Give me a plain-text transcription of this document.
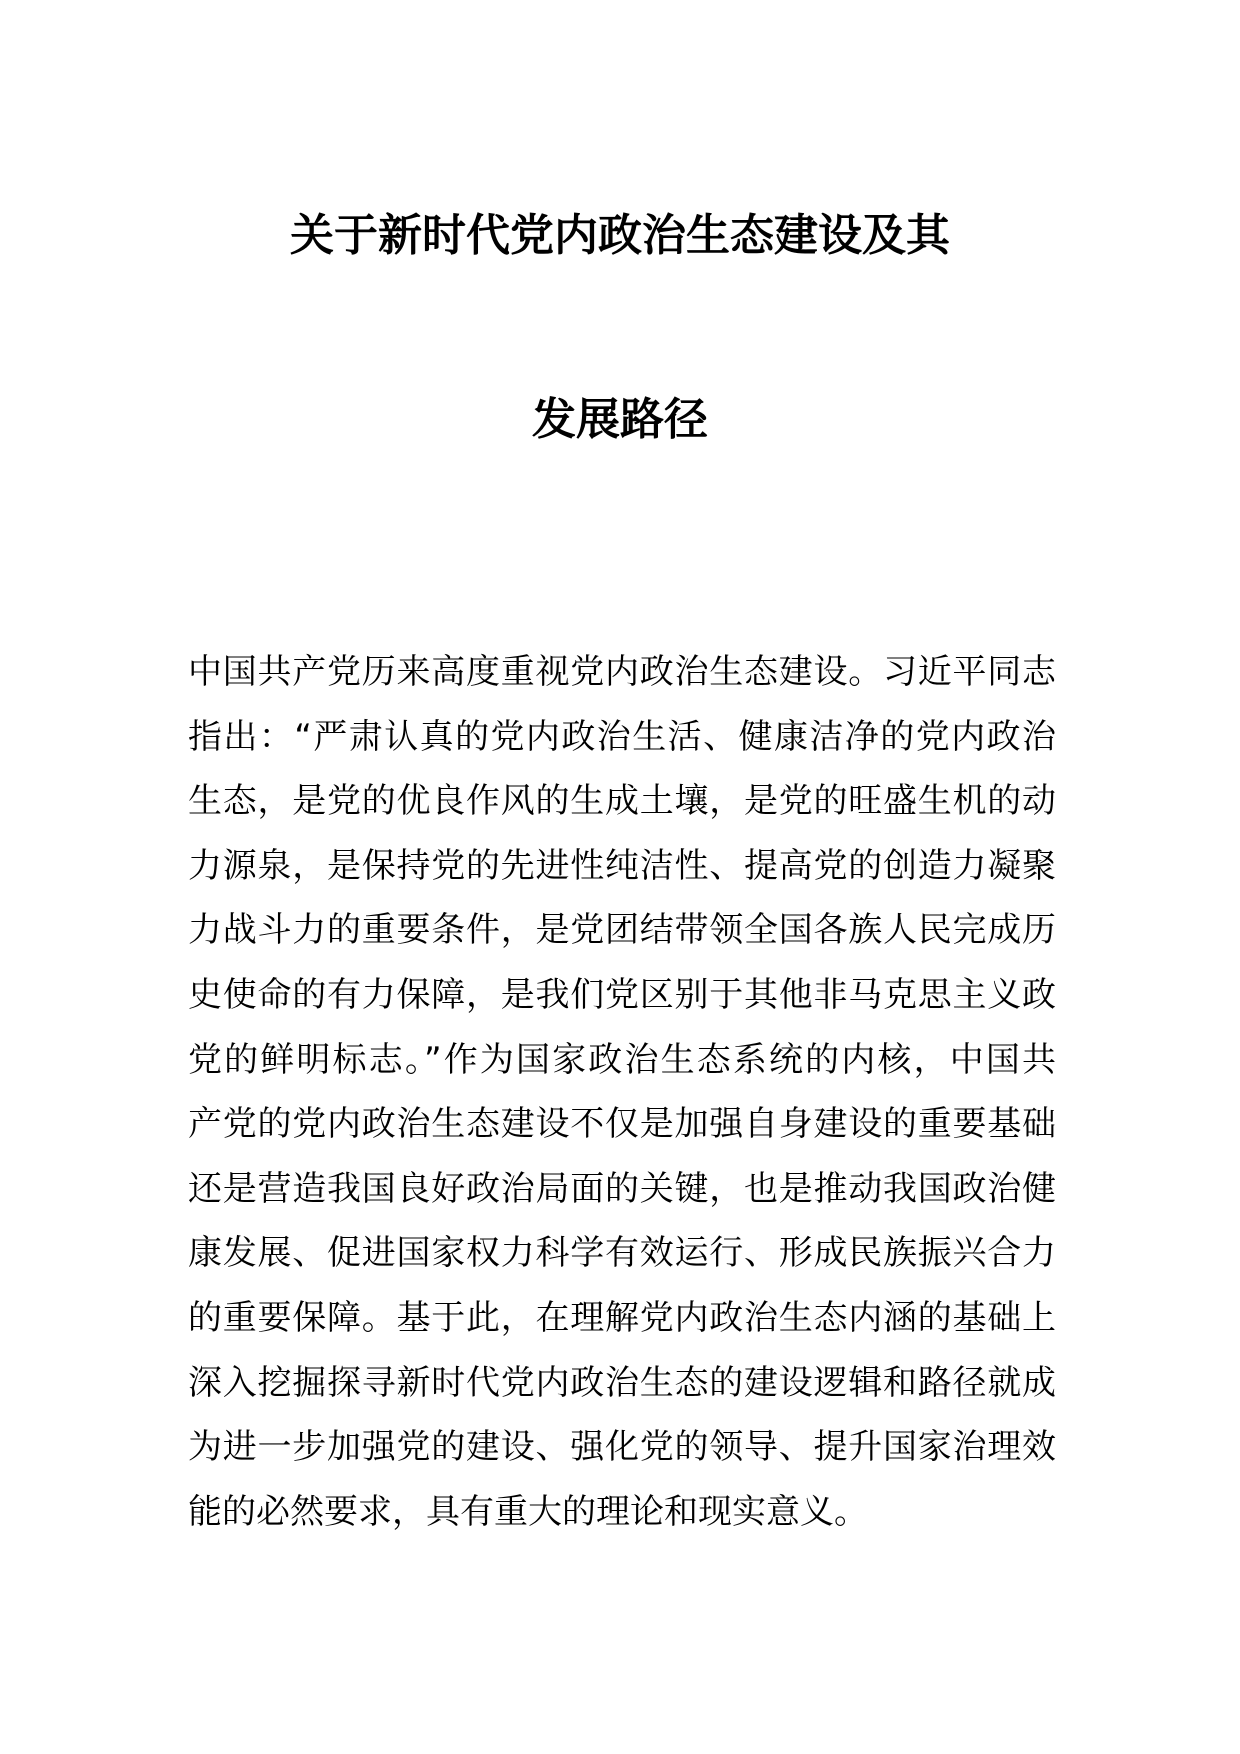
关于新时代党内政治生态建设及其
发展路径
中国共产党历来高度重视党内政治生态建设。习近平同志
指出：“严肃认真的党内政治生活、健康洁净的党内政治
生态，是党的优良作风的生成土壤，是党的旺盛生机的动
力源泉，是保持党的先进性纯洁性、提高党的创造力凝聚
力战斗力的重要条件，是党团结带领全国各族人民完成历
史使命的有力保障，是我们党区别于其他非马克思主义政
党的鲜明标志。”作为国家政治生态系统的内核，中国共
产党的党内政治生态建设不仅是加强自身建设的重要基础
还是营造我国良好政治局面的关键，也是推动我国政治健
康发展、促进国家权力科学有效运行、形成民族振兴合力
的重要保障。基于此，在理解党内政治生态内涵的基础上
深入挖掘探寻新时代党内政治生态的建设逻辑和路径就成
为进一步加强党的建设、强化党的领导、提升国家治理效
能的必然要求，具有重大的理论和现实意义。
